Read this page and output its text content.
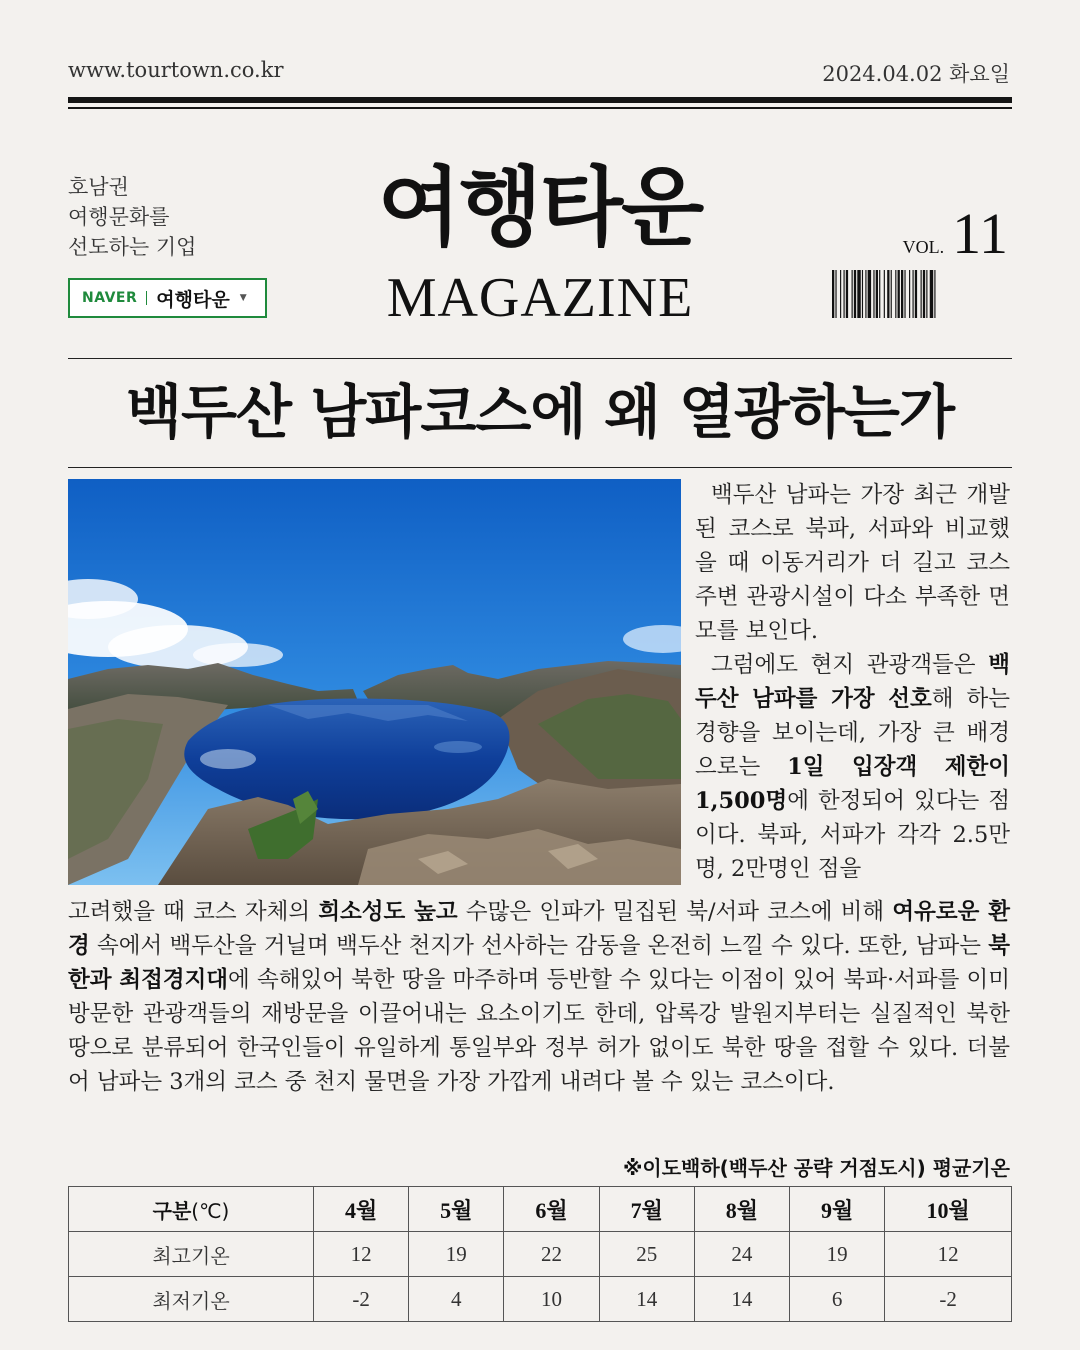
www.tourtown.co.kr	2024.04.02 화요일
호남권
여행문화를
선도하는 기업
NAVER 여행타운 ▼
여행타운
MAGAZINE
VOL. 11
백두산 남파코스에 왜 열광하는가
백두산 남파는 가장 최근 개발된 코스로 북파, 서파와 비교했을 때 이동거리가 더 길고 코스 주변 관광시설이 다소 부족한 면모를 보인다.
그럼에도 현지 관광객들은 백두산 남파를 가장 선호해 하는 경향을 보이는데, 가장 큰 배경으로는 1일 입장객 제한이 1,500명에 한정되어 있다는 점이다. 북파, 서파가 각각 2.5만명, 2만명인 점을
고려했을 때 코스 자체의 희소성도 높고 수많은 인파가 밀집된 북/서파 코스에 비해 여유로운 환경 속에서 백두산을 거닐며 백두산 천지가 선사하는 감동을 온전히 느낄 수 있다. 또한, 남파는 북한과 최접경지대에 속해있어 북한 땅을 마주하며 등반할 수 있다는 이점이 있어 북파·서파를 이미 방문한 관광객들의 재방문을 이끌어내는 요소이기도 한데, 압록강 발원지부터는 실질적인 북한 땅으로 분류되어 한국인들이 유일하게 통일부와 정부 허가 없이도 북한 땅을 접할 수 있다. 더불어 남파는 3개의 코스 중 천지 물면을 가장 가깝게 내려다 볼 수 있는 코스이다.
※이도백하(백두산 공략 거점도시) 평균기온
구분(℃)	4월	5월	6월	7월	8월	9월	10월
최고기온	12	19	22	25	24	19	12
최저기온	-2	4	10	14	14	6	-2
